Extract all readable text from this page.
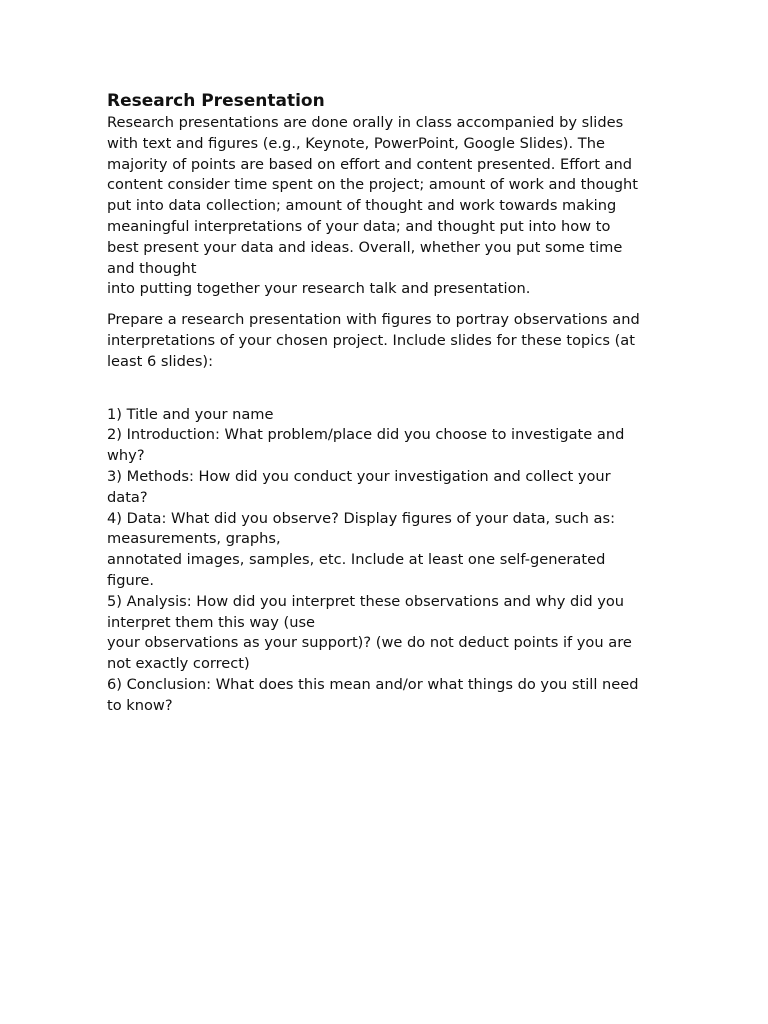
Research Presentation

Research presentations are done orally in class accompanied by slides
with text and figures (e.g., Keynote, PowerPoint, Google Slides). The
majority of points are based on effort and content presented. Effort and
content consider time spent on the project; amount of work and thought
put into data collection; amount of thought and work towards making
meaningful interpretations of your data; and thought put into how to
best present your data and ideas. Overall, whether you put some time
and thought
into putting together your research talk and presentation.

Prepare a research presentation with figures to portray observations and
interpretations of your chosen project. Include slides for these topics (at
least 6 slides):

1) Title and your name
2) Introduction: What problem/place did you choose to investigate and
why?
3) Methods: How did you conduct your investigation and collect your
data?
4) Data: What did you observe? Display figures of your data, such as:
measurements, graphs,
annotated images, samples, etc. Include at least one self-generated
figure.
5) Analysis: How did you interpret these observations and why did you
interpret them this way (use
your observations as your support)? (we do not deduct points if you are
not exactly correct)
6) Conclusion: What does this mean and/or what things do you still need
to know?
